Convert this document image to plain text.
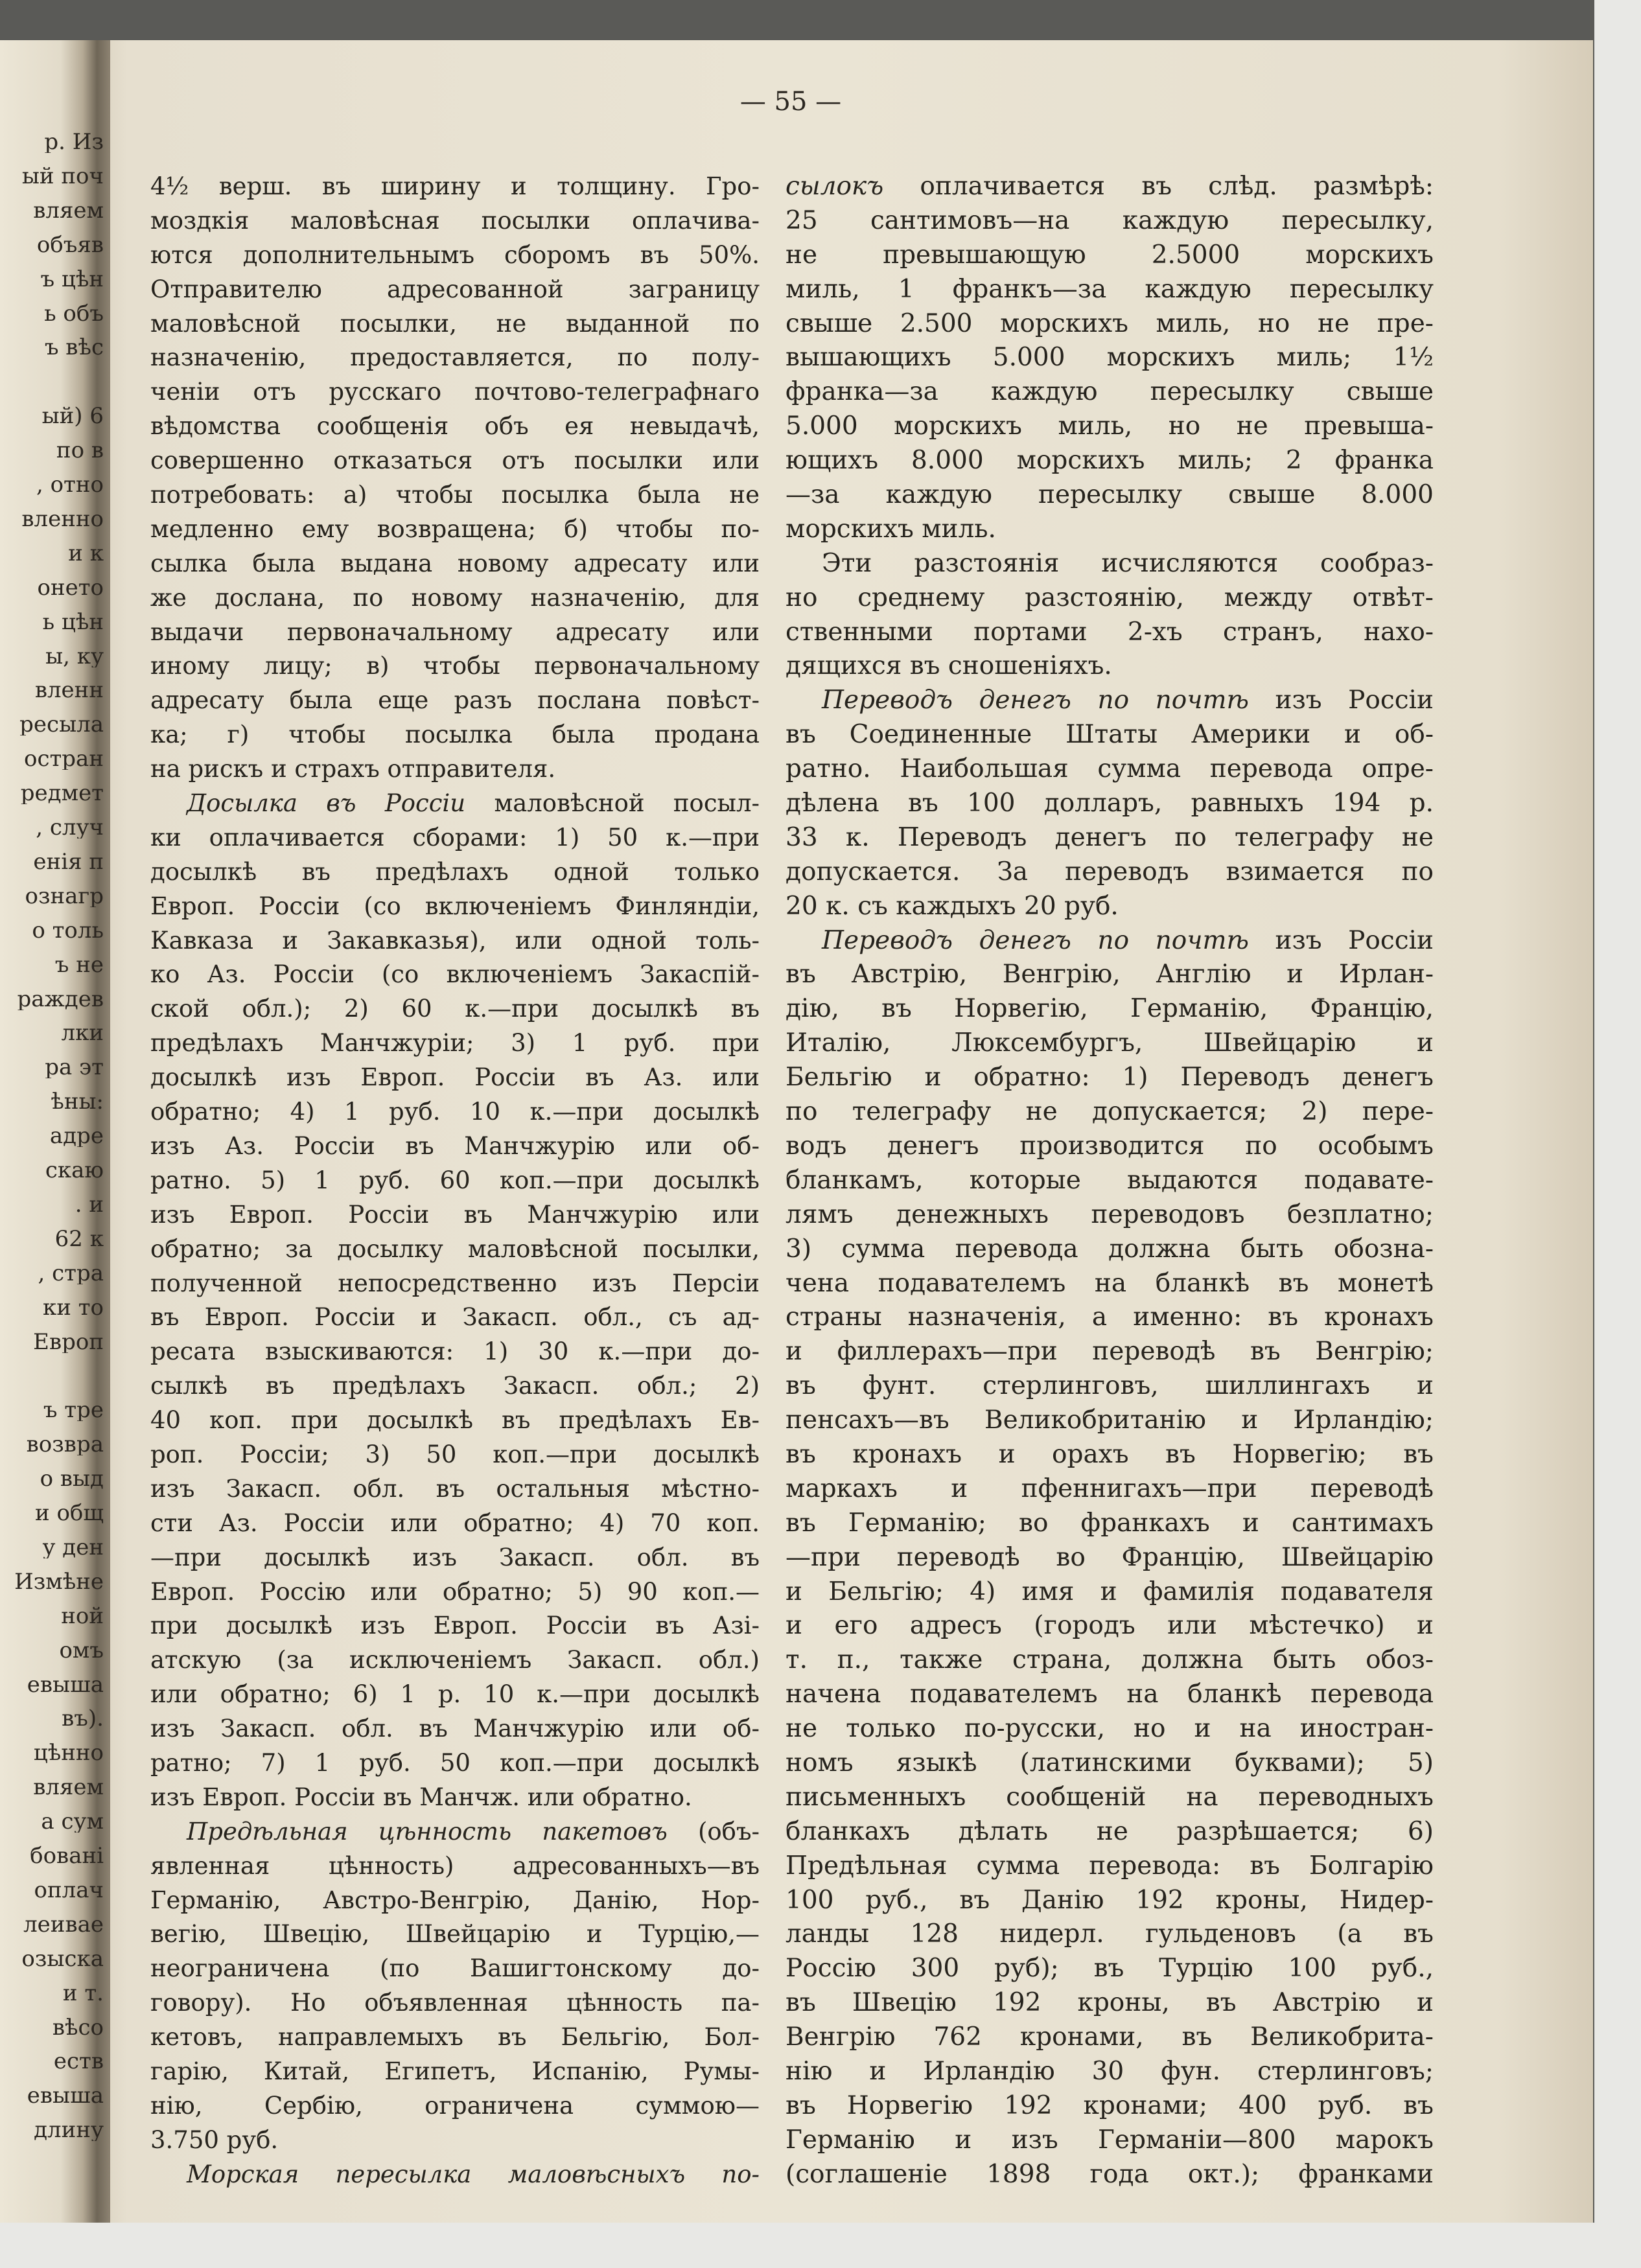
р. Из
ый поч
вляем
объяв
ъ цѣн
ь объ
ъ вѣс
ый) 6
по в
, отно
вленно
и к
онето
ь цѣн
ы, ку
вленн
ресыла
остран
редмет
, случ
енія п
ознагр
о толь
ъ не
раждев
лки
ра эт
ѣны:
адре
скаю
. и
62 к
, стра
ки то
Европ
ъ тре
возвра
о выд
и общ
у ден
Измѣне
ной
омъ
евыша
въ).
цѣнно
вляем
а сум
бовані
оплач
леивае
озыска
и т.
вѣсо
еств
евыша
длину
— 55 —
4½ верш. въ ширину и толщину. Гро-
моздкія маловѣсная посылки оплачива-
ются дополнительнымъ сборомъ въ 50%.
Отправителю адресованной заграницу
маловѣсной посылки, не выданной по
назначенію, предоставляется, по полу-
ченіи отъ русскаго почтово-телеграфнаго
вѣдомства сообщенія объ ея невыдачѣ,
совершенно отказаться отъ посылки или
потребовать: а) чтобы посылка была не
медленно ему возвращена; б) чтобы по-
сылка была выдана новому адресату или
же дослана, по новому назначенію, для
выдачи первоначальному адресату или
иному лицу; в) чтобы первоначальному
адресату была еще разъ послана повѣст-
ка; г) чтобы посылка была продана
на рискъ и страхъ отправителя.
Досылка въ Россіи маловѣсной посыл-
ки оплачивается сборами: 1) 50 к.—при
досылкѣ въ предѣлахъ одной только
Европ. Россіи (со включеніемъ Финляндіи,
Кавказа и Закавказья), или одной толь-
ко Аз. Россіи (со включеніемъ Закаспій-
ской обл.); 2) 60 к.—при досылкѣ въ
предѣлахъ Манчжуріи; 3) 1 руб. при
досылкѣ изъ Европ. Россіи въ Аз. или
обратно; 4) 1 руб. 10 к.—при досылкѣ
изъ Аз. Россіи въ Манчжурію или об-
ратно. 5) 1 руб. 60 коп.—при досылкѣ
изъ Европ. Россіи въ Манчжурію или
обратно; за досылку маловѣсной посылки,
полученной непосредственно изъ Персіи
въ Европ. Россіи и Закасп. обл., съ ад-
ресата взыскиваются: 1) 30 к.—при до-
сылкѣ въ предѣлахъ Закасп. обл.; 2)
40 коп. при досылкѣ въ предѣлахъ Ев-
роп. Россіи; 3) 50 коп.—при досылкѣ
изъ Закасп. обл. въ остальныя мѣстно-
сти Аз. Россіи или обратно; 4) 70 коп.
—при досылкѣ изъ Закасп. обл. въ
Европ. Россію или обратно; 5) 90 коп.—
при досылкѣ изъ Европ. Россіи въ Азі-
атскую (за исключеніемъ Закасп. обл.)
или обратно; 6) 1 р. 10 к.—при досылкѣ
изъ Закасп. обл. въ Манчжурію или об-
ратно; 7) 1 руб. 50 коп.—при досылкѣ
изъ Европ. Россіи въ Манчж. или обратно.
Предѣльная цѣнность пакетовъ (объ-
явленная цѣнность) адресованныхъ—въ
Германію, Австро-Венгрію, Данію, Нор-
вегію, Швецію, Швейцарію и Турцію,—
неограничена (по Вашигтонскому до-
говору). Но объявленная цѣнность па-
кетовъ, направлемыхъ въ Бельгію, Бол-
гарію, Китай, Египетъ, Испанію, Румы-
нію, Сербію, ограничена суммою—
3.750 руб.
Морская пересылка маловѣсныхъ по-
сылокъ оплачивается въ слѣд. размѣрѣ:
25 сантимовъ—на каждую пересылку,
не превышающую 2.5000 морскихъ
миль, 1 франкъ—за каждую пересылку
свыше 2.500 морскихъ миль, но не пре-
вышающихъ 5.000 морскихъ миль; 1½
франка—за каждую пересылку свыше
5.000 морскихъ миль, но не превыша-
ющихъ 8.000 морскихъ миль; 2 франка
—за каждую пересылку свыше 8.000
морскихъ миль.
Эти разстоянія исчисляются сообраз-
но среднему разстоянію, между отвѣт-
ственными портами 2-хъ странъ, нахо-
дящихся въ сношеніяхъ.
Переводъ денегъ по почтѣ изъ Россіи
въ Соединенные Штаты Америки и об-
ратно. Наибольшая сумма перевода опре-
дѣлена въ 100 долларъ, равныхъ 194 р.
33 к. Переводъ денегъ по телеграфу не
допускается. За переводъ взимается по
20 к. съ каждыхъ 20 руб.
Переводъ денегъ по почтѣ изъ Россіи
въ Австрію, Венгрію, Англію и Ирлан-
дію, въ Норвегію, Германію, Францію,
Италію, Люксембургъ, Швейцарію и
Бельгію и обратно: 1) Переводъ денегъ
по телеграфу не допускается; 2) пере-
водъ денегъ производится по особымъ
бланкамъ, которые выдаются подавате-
лямъ денежныхъ переводовъ безплатно;
3) сумма перевода должна быть обозна-
чена подавателемъ на бланкѣ въ монетѣ
страны назначенія, а именно: въ кронахъ
и филлерахъ—при переводѣ въ Венгрію;
въ фунт. стерлинговъ, шиллингахъ и
пенсахъ—въ Великобританію и Ирландію;
въ кронахъ и орахъ въ Норвегію; въ
маркахъ и пфеннигахъ—при переводѣ
въ Германію; во франкахъ и сантимахъ
—при переводѣ во Францію, Швейцарію
и Бельгію; 4) имя и фамилія подавателя
и его адресъ (городъ или мѣстечко) и
т. п., также страна, должна быть обоз-
начена подавателемъ на бланкѣ перевода
не только по-русски, но и на иностран-
номъ языкѣ (латинскими буквами); 5)
письменныхъ сообщеній на переводныхъ
бланкахъ дѣлать не разрѣшается; 6)
Предѣльная сумма перевода: въ Болгарію
100 руб., въ Данію 192 кроны, Нидер-
ланды 128 нидерл. гульденовъ (а въ
Россію 300 руб); въ Турцію 100 руб.,
въ Швецію 192 кроны, въ Австрію и
Венгрію 762 кронами, въ Великобрита-
нію и Ирландію 30 фун. стерлинговъ;
въ Норвегію 192 кронами; 400 руб. въ
Германію и изъ Германіи—800 марокъ
(соглашеніе 1898 года окт.); франками
